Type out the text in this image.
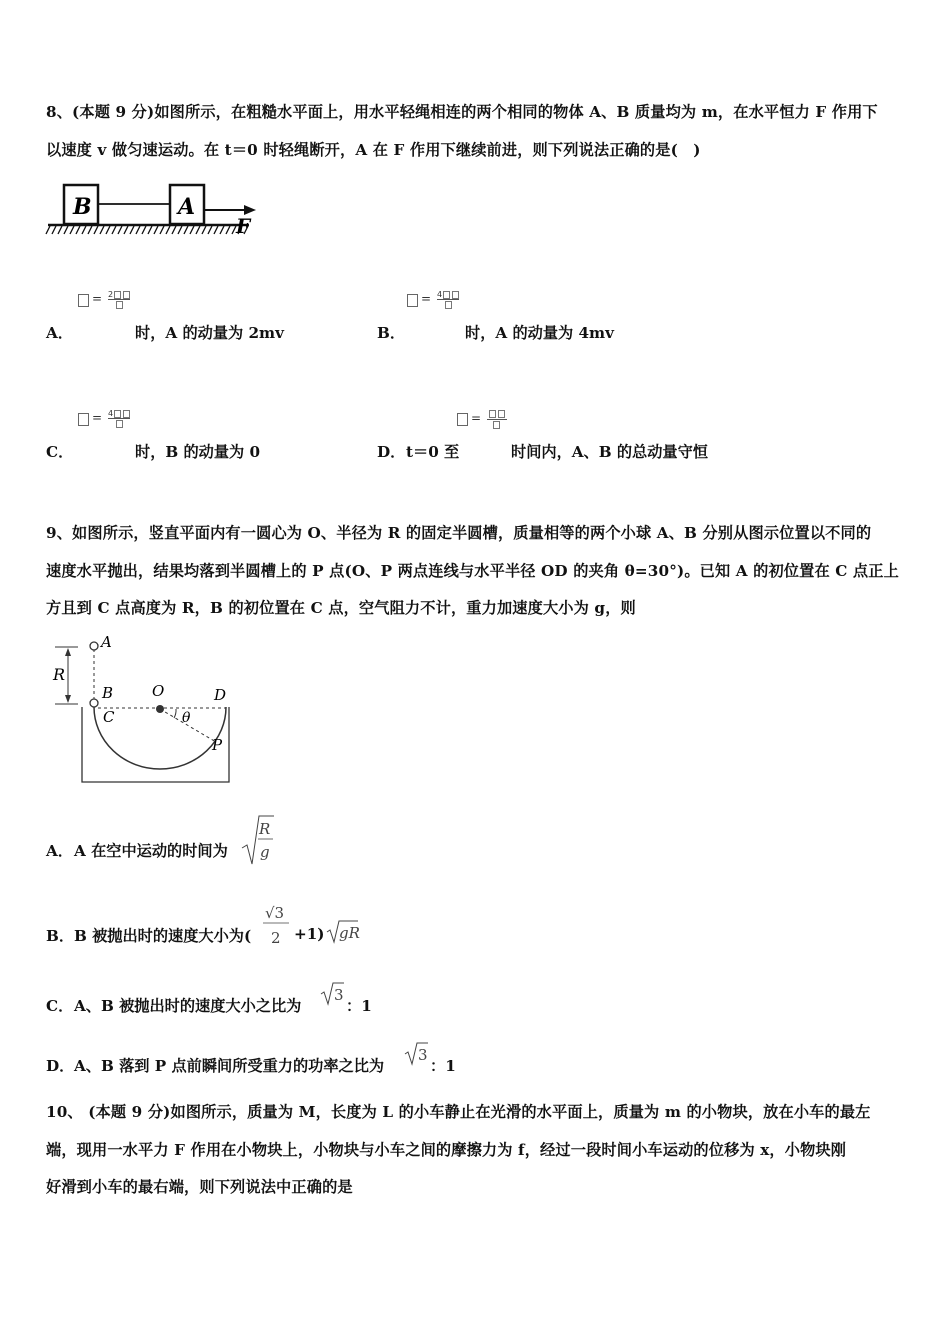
8、(本题 9 分)如图所示，在粗糙水平面上，用水平轻绳相连的两个相同的物体 A、B 质量均为 m，在水平恒力 F 作用下
以速度 v 做匀速运动。在 t＝0 时轻绳断开，A 在 F 作用下继续前进，则下列说法正确的是(　)
B	A
F
= 2
A．	时，A 的动量为 2mv
= 4
B．	时，A 的动量为 4mv
= 4
C．	时，B 的动量为 0
=
D． t＝0 至	时间内，A、B 的总动量守恒
9、如图所示，竖直平面内有一圆心为 O、半径为 R 的固定半圆槽，质量相等的两个小球 A、B 分别从图示位置以不同的
速度水平抛出，结果均落到半圆槽上的 P 点(O、P 两点连线与水平半径 OD 的夹角 θ=30°)。已知 A 的初位置在 C 点正上
方且到 C 点高度为 R，B 的初位置在 C 点，空气阻力不计，重力加速度大小为 g，则
R
A
B	O	D
C	θ
P
A． A 在空中运动的时间为
R
g
B． B 被抛出时的速度大小为(
√3
2 +1) gR
C． A、B 被抛出时的速度大小之比为
3
：1
D． A、B 落到 P 点前瞬间所受重力的功率之比为
3
：1
10、 (本题 9 分)如图所示，质量为 M，长度为 L 的小车静止在光滑的水平面上，质量为 m 的小物块，放在小车的最左
端，现用一水平力 F 作用在小物块上，小物块与小车之间的摩擦力为 f，经过一段时间小车运动的位移为 x，小物块刚
好滑到小车的最右端，则下列说法中正确的是
